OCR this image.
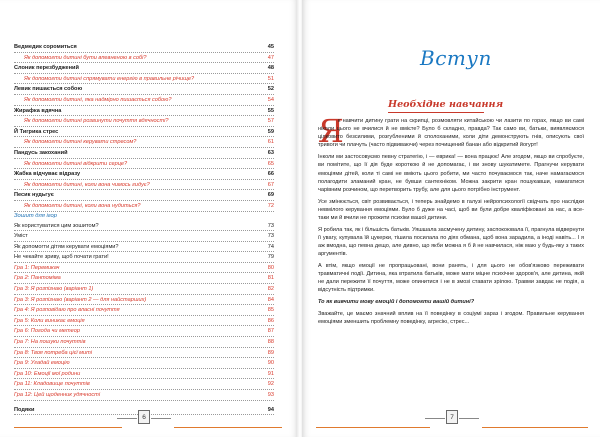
Ведмедик соромиться	45
Як допомогти дитині бути впевненою в собі?	47
Слоник перезбуджений	48
Як допомогти дитині спрямувати енергію в правильне річище?	51
Левик пишається собою	52
Як допомогти дитині, яка надмірно пишається собою?	54
Жирафка вдячна	55
Як допомогти дитині розвинути почуття вдячності?	57
Й Тигрика стрес	59
Як допомогти дитині керувати стресом?	61
Пандусь закоханий	63
Як допомогти дитині відкрити серце?	65
Жабка відчуває відразу	66
Як допомогти дитині, коли вона чимось гидує?	67
Песик нудьгує	69
Як допомогти дитині, коли вона нудиться?	72
Зошит для ігор
Як користуватися цим зошитом?	73
Уміст	73
Як допомогти дітям керувати емоціями?	74
Не чекайте зриву, щоб почати грати!	79
Гра 1: Перемикач	80
Гра 2: Пантоміма	81
Гра 3: Я розпізнаю (варіант 1)	82
Гра 3: Я розпізнаю (варіант 2 — для найстарших)	84
Гра 4: Я розповідаю про власні почуття	85
Гра 5: Коли виникає емоція	86
Гра 6: Погода чи метеор	87
Гра 7: На пошуки почуттів	88
Гра 8: Твоя потреба цієї миті	89
Гра 9: Угадай емоцію	90
Гра 10: Емоції мої родини	91
Гра 11: Кладовище почуттів	92
Гра 12: Цей щоденник удячності	93
Подяки	94
6	7
Вступ
Необхідне навчання
Я

к навчити дитину грати на скрипці, розмовляти китайською чи лазити по горах, якщо ви самі ніколи цього не вчилися й не вмієте? Було б складно, правда? Так само ви, батьки, виявляємося цілковито безсилими, розгубленими й сполоханими, коли діти демонструють гнів, описують свої тривоги чи плачуть (часто підвиваючи) через почищений банан або відкритий йогурт!

Інколи ми застосовуємо певну стратегію, і — еврика! — вона працює! Але згодом, якщо ви спробуєте, ви помітите, що її дія буде короткою й не допомагає, і ви знову шукатимете. Прагнучи керувати емоціями дітей, коли ті самі не вміють цього робити, ми часто почуваємося так, наче намагаємося полагодити зламаний кран, не бувши сантехніком. Можна закрити кран пошукавши, намагатися чарівним розчином, що перетворить трубу, але для цього потрібно інструмент.

Усе змінюється, світ розвивається, і теперь знайдемо в галузі нейропсихології свідчать про наслідки невмілого керування емоціями. Було б дуже на часі, щоб ви були добре кваліфіковані за нас, а все-таки ми й вчили не прожити психіки вашої дитини.

Я робила так, як і більшість батьків. Уяшшала засмучену дитину, заспокоювала її, прагнула відвернути її увагу, купувала їй цукерки, тішила посилала по діях обмана, щоб вона зарадила, а іноді навіть... І я аж вмодна, що певна дещо, але дивно, що якби можна я б й не навчилася, ніж маю у будь-яку з таких аргументів.

А втім, якщо емоції не пропрацьовані, вони ранять, і для цього не обов'язково переживати травматичні події. Дитина, яка втратила батьків, може мати міцне психічне здоров'я, але дитина, якій не дали пережити її почуття, може опинитися і не в змозі ставати зрілою. Травми завдає не подія, а відсутність підтримки.

То як вивчити мову емоцій і допомогти вашій дитині?

Зважайте, це маємо значний вплив на її поведінку в соціумі зараз і згодом. Правильне керування емоціями зменшить проблемну поведінку, агресію, стрес...
